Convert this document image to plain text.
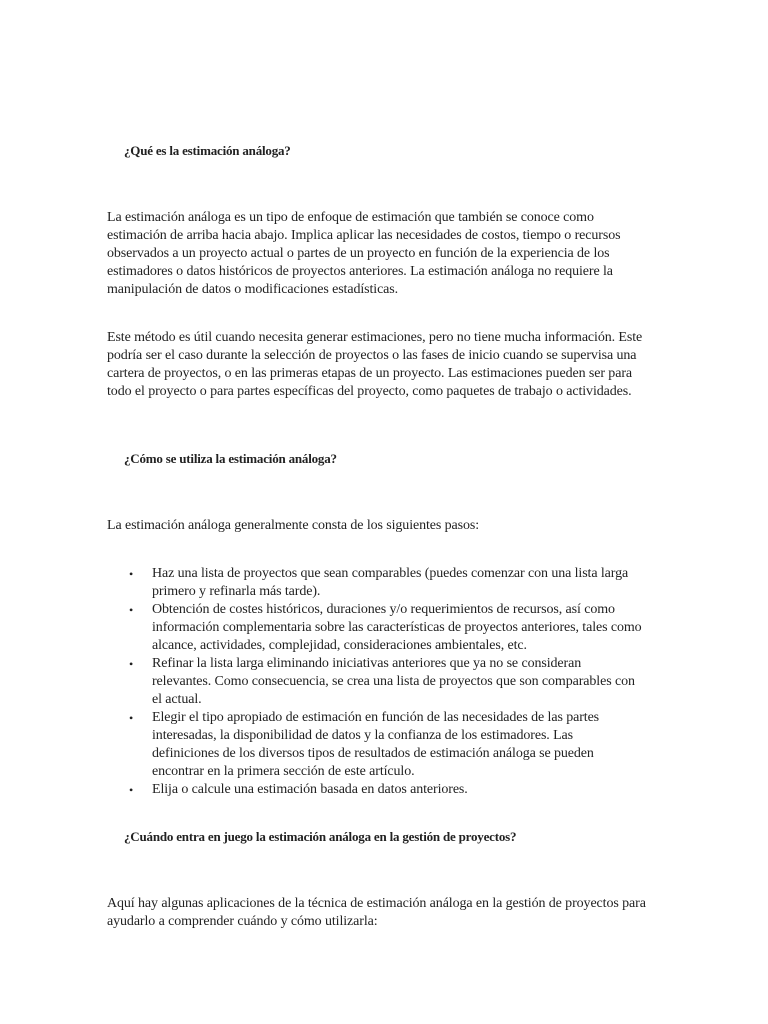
¿Qué es la estimación análoga?

La estimación análoga es un tipo de enfoque de estimación que también se conoce como estimación de arriba hacia abajo. Implica aplicar las necesidades de costos, tiempo o recursos observados a un proyecto actual o partes de un proyecto en función de la experiencia de los estimadores o datos históricos de proyectos anteriores. La estimación análoga no requiere la manipulación de datos o modificaciones estadísticas.

Este método es útil cuando necesita generar estimaciones, pero no tiene mucha información. Este podría ser el caso durante la selección de proyectos o las fases de inicio cuando se supervisa una cartera de proyectos, o en las primeras etapas de un proyecto. Las estimaciones pueden ser para todo el proyecto o para partes específicas del proyecto, como paquetes de trabajo o actividades.

¿Cómo se utiliza la estimación análoga?

La estimación análoga generalmente consta de los siguientes pasos:

• Haz una lista de proyectos que sean comparables (puedes comenzar con una lista larga primero y refinarla más tarde).
• Obtención de costes históricos, duraciones y/o requerimientos de recursos, así como información complementaria sobre las características de proyectos anteriores, tales como alcance, actividades, complejidad, consideraciones ambientales, etc.
• Refinar la lista larga eliminando iniciativas anteriores que ya no se consideran relevantes. Como consecuencia, se crea una lista de proyectos que son comparables con el actual.
• Elegir el tipo apropiado de estimación en función de las necesidades de las partes interesadas, la disponibilidad de datos y la confianza de los estimadores. Las definiciones de los diversos tipos de resultados de estimación análoga se pueden encontrar en la primera sección de este artículo.
• Elija o calcule una estimación basada en datos anteriores.
¿Cuándo entra en juego la estimación análoga en la gestión de proyectos?

Aquí hay algunas aplicaciones de la técnica de estimación análoga en la gestión de proyectos para ayudarlo a comprender cuándo y cómo utilizarla:
